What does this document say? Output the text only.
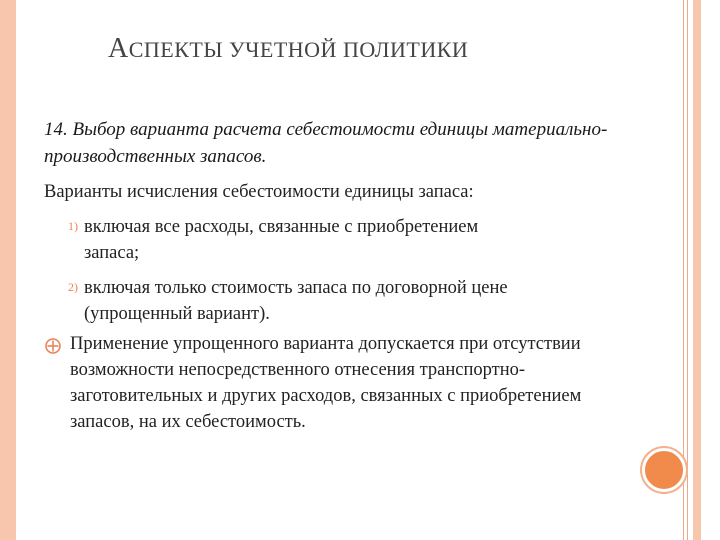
АСПЕКТЫ УЧЕТНОЙ ПОЛИТИКИ
14. Выбор варианта расчета себестоимости единицы материально-производственных запасов.
Варианты исчисления себестоимости единицы запаса:
1) включая все расходы, связанные с приобретением
запаса;
2) включая только стоимость запаса по договорной цене
(упрощенный вариант).
Применение упрощенного варианта допускается при отсутствии возможности непосредственного отнесения транспортно-заготовительных и других расходов, связанных с приобретением запасов, на их себестоимость.
